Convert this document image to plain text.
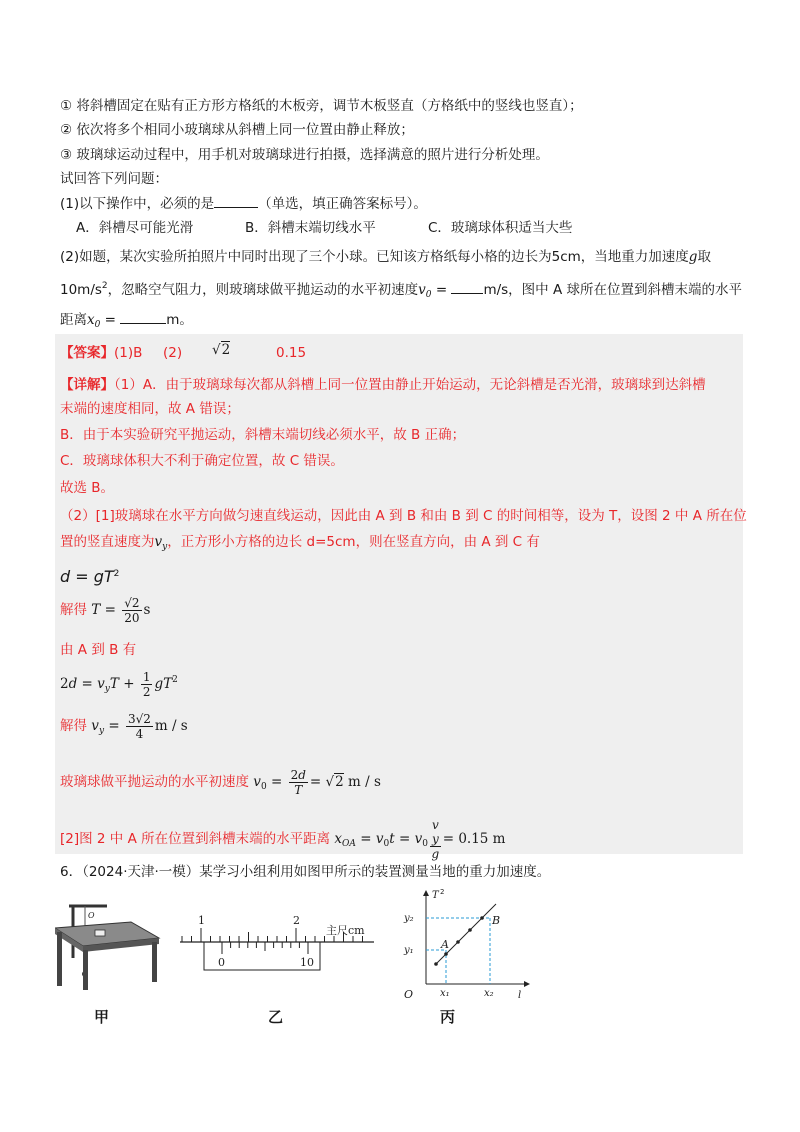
① 将斜槽固定在贴有正方形方格纸的木板旁，调节木板竖直（方格纸中的竖线也竖直）；
② 依次将多个相同小玻璃球从斜槽上同一位置由静止释放；
③ 玻璃球运动过程中，用手机对玻璃球进行拍摄，选择满意的照片进行分析处理。
试回答下列问题：
(1)以下操作中，必须的是	（单选，填正确答案标号）。
A．斜槽尽可能光滑	B．斜槽末端切线水平	C．玻璃球体积适当大些
(2)如题，某次实验所拍照片中同时出现了三个小球。已知该方格纸每小格的边长为5cm，当地重力加速度g取
$10m/s^2$，忽略空气阻力，则玻璃球做平抛运动的水平初速度$v_0 = m/s$，图中 A 球所在位置到斜槽末端的水平
距离$x_0$ =	m。
【答案】(1)B (2) √2	0.15
【详解】（1）A．由于玻璃球每次都从斜槽上同一位置由静止开始运动，无论斜槽是否光滑，玻璃球到达斜槽
末端的速度相同，故 A 错误；
B．由于本实验研究平抛运动，斜槽末端切线必须水平，故 B 正确；
C．玻璃球体积大不利于确定位置，故 C 错误。
故选 B。
（2）[1]玻璃球在水平方向做匀速直线运动，因此由 A 到 B 和由 B 到 C 的时间相等，设为 T，设图 2 中 A 所在位
置的竖直速度为$v_y$，正方形小方格的边长 d=5cm，则在竖直方向，由 A 到 C 有
$d = gT^2$
解得 $T = \frac{√2}{20}$ s
由 A 到 B 有
$2d = v_yT + \frac{1}{2} gT^2$
解得 $v_y = \frac{3√2}{4}$ m / s
玻璃球做平抛运动的水平初速度 $v_0 = \frac{2d}{T} = √2$ m / s
[2]图 2 中 A 所在位置到斜槽末端的水平距离 $x_{OA} = v_0t = v_0$ v
y
g = 0.15 m
6．（2024·天津·一模）某学习小组利用如图甲所示的装置测量当地的重力加速度。
O	1	2
主尺cm
0	10
T 2
l
O
A
B
y₂
y₁
x₁	x₂
甲	乙	丙
